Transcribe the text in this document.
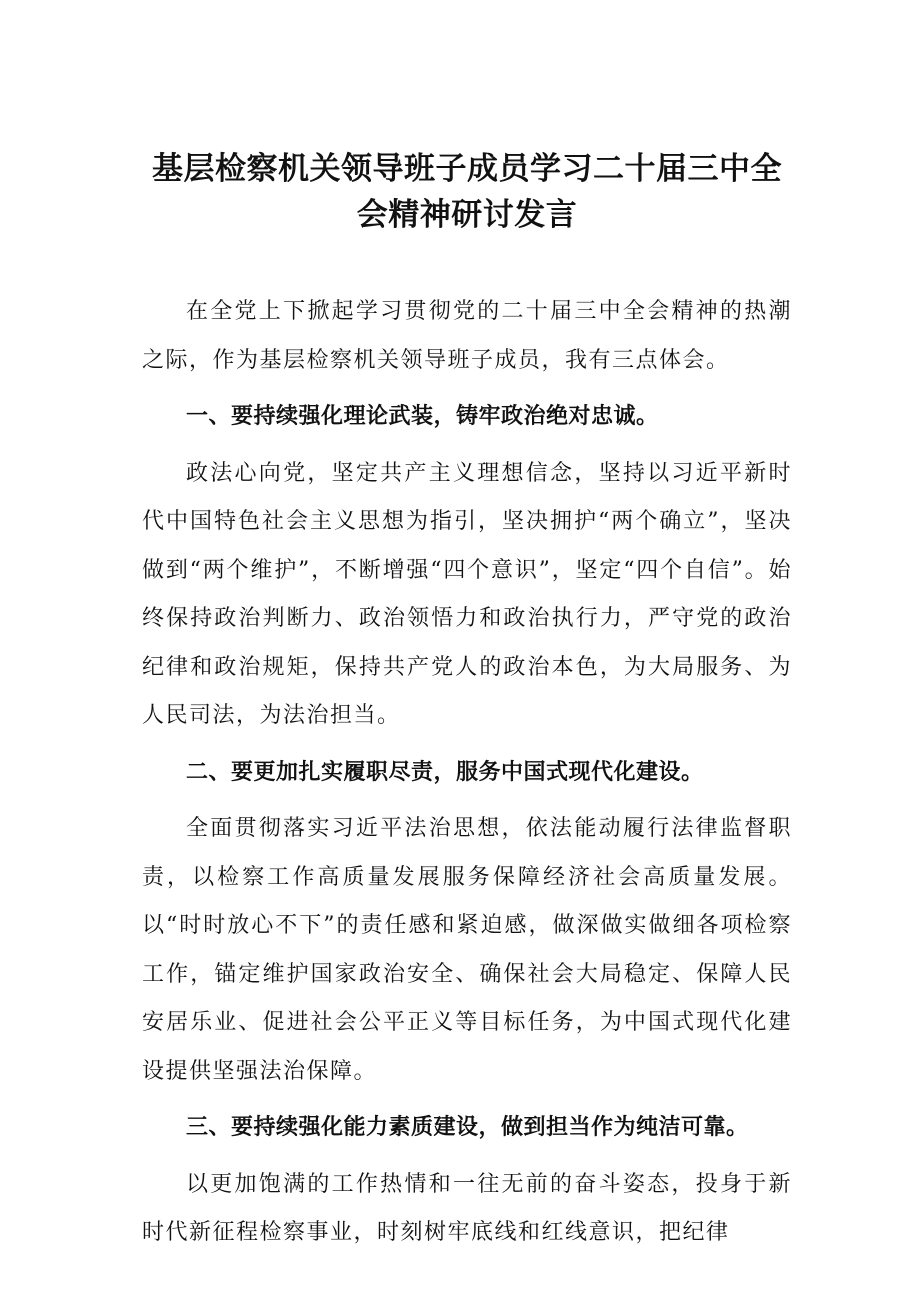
基层检察机关领导班子成员学习二十届三中全
会精神研讨发言

在全党上下掀起学习贯彻党的二十届三中全会精神的热潮之际，作为基层检察机关领导班子成员，我有三点体会。

一、要持续强化理论武装，铸牢政治绝对忠诚。

政法心向党，坚定共产主义理想信念，坚持以习近平新时代中国特色社会主义思想为指引，坚决拥护“两个确立”，坚决做到“两个维护”，不断增强“四个意识”，坚定“四个自信”。始终保持政治判断力、政治领悟力和政治执行力，严守党的政治纪律和政治规矩，保持共产党人的政治本色，为大局服务、为人民司法，为法治担当。

二、要更加扎实履职尽责，服务中国式现代化建设。

全面贯彻落实习近平法治思想，依法能动履行法律监督职责，以检察工作高质量发展服务保障经济社会高质量发展。以“时时放心不下”的责任感和紧迫感，做深做实做细各项检察工作，锚定维护国家政治安全、确保社会大局稳定、保障人民安居乐业、促进社会公平正义等目标任务，为中国式现代化建设提供坚强法治保障。

三、要持续强化能力素质建设，做到担当作为纯洁可靠。

以更加饱满的工作热情和一往无前的奋斗姿态，投身于新时代新征程检察事业，时刻树牢底线和红线意识，把纪律
